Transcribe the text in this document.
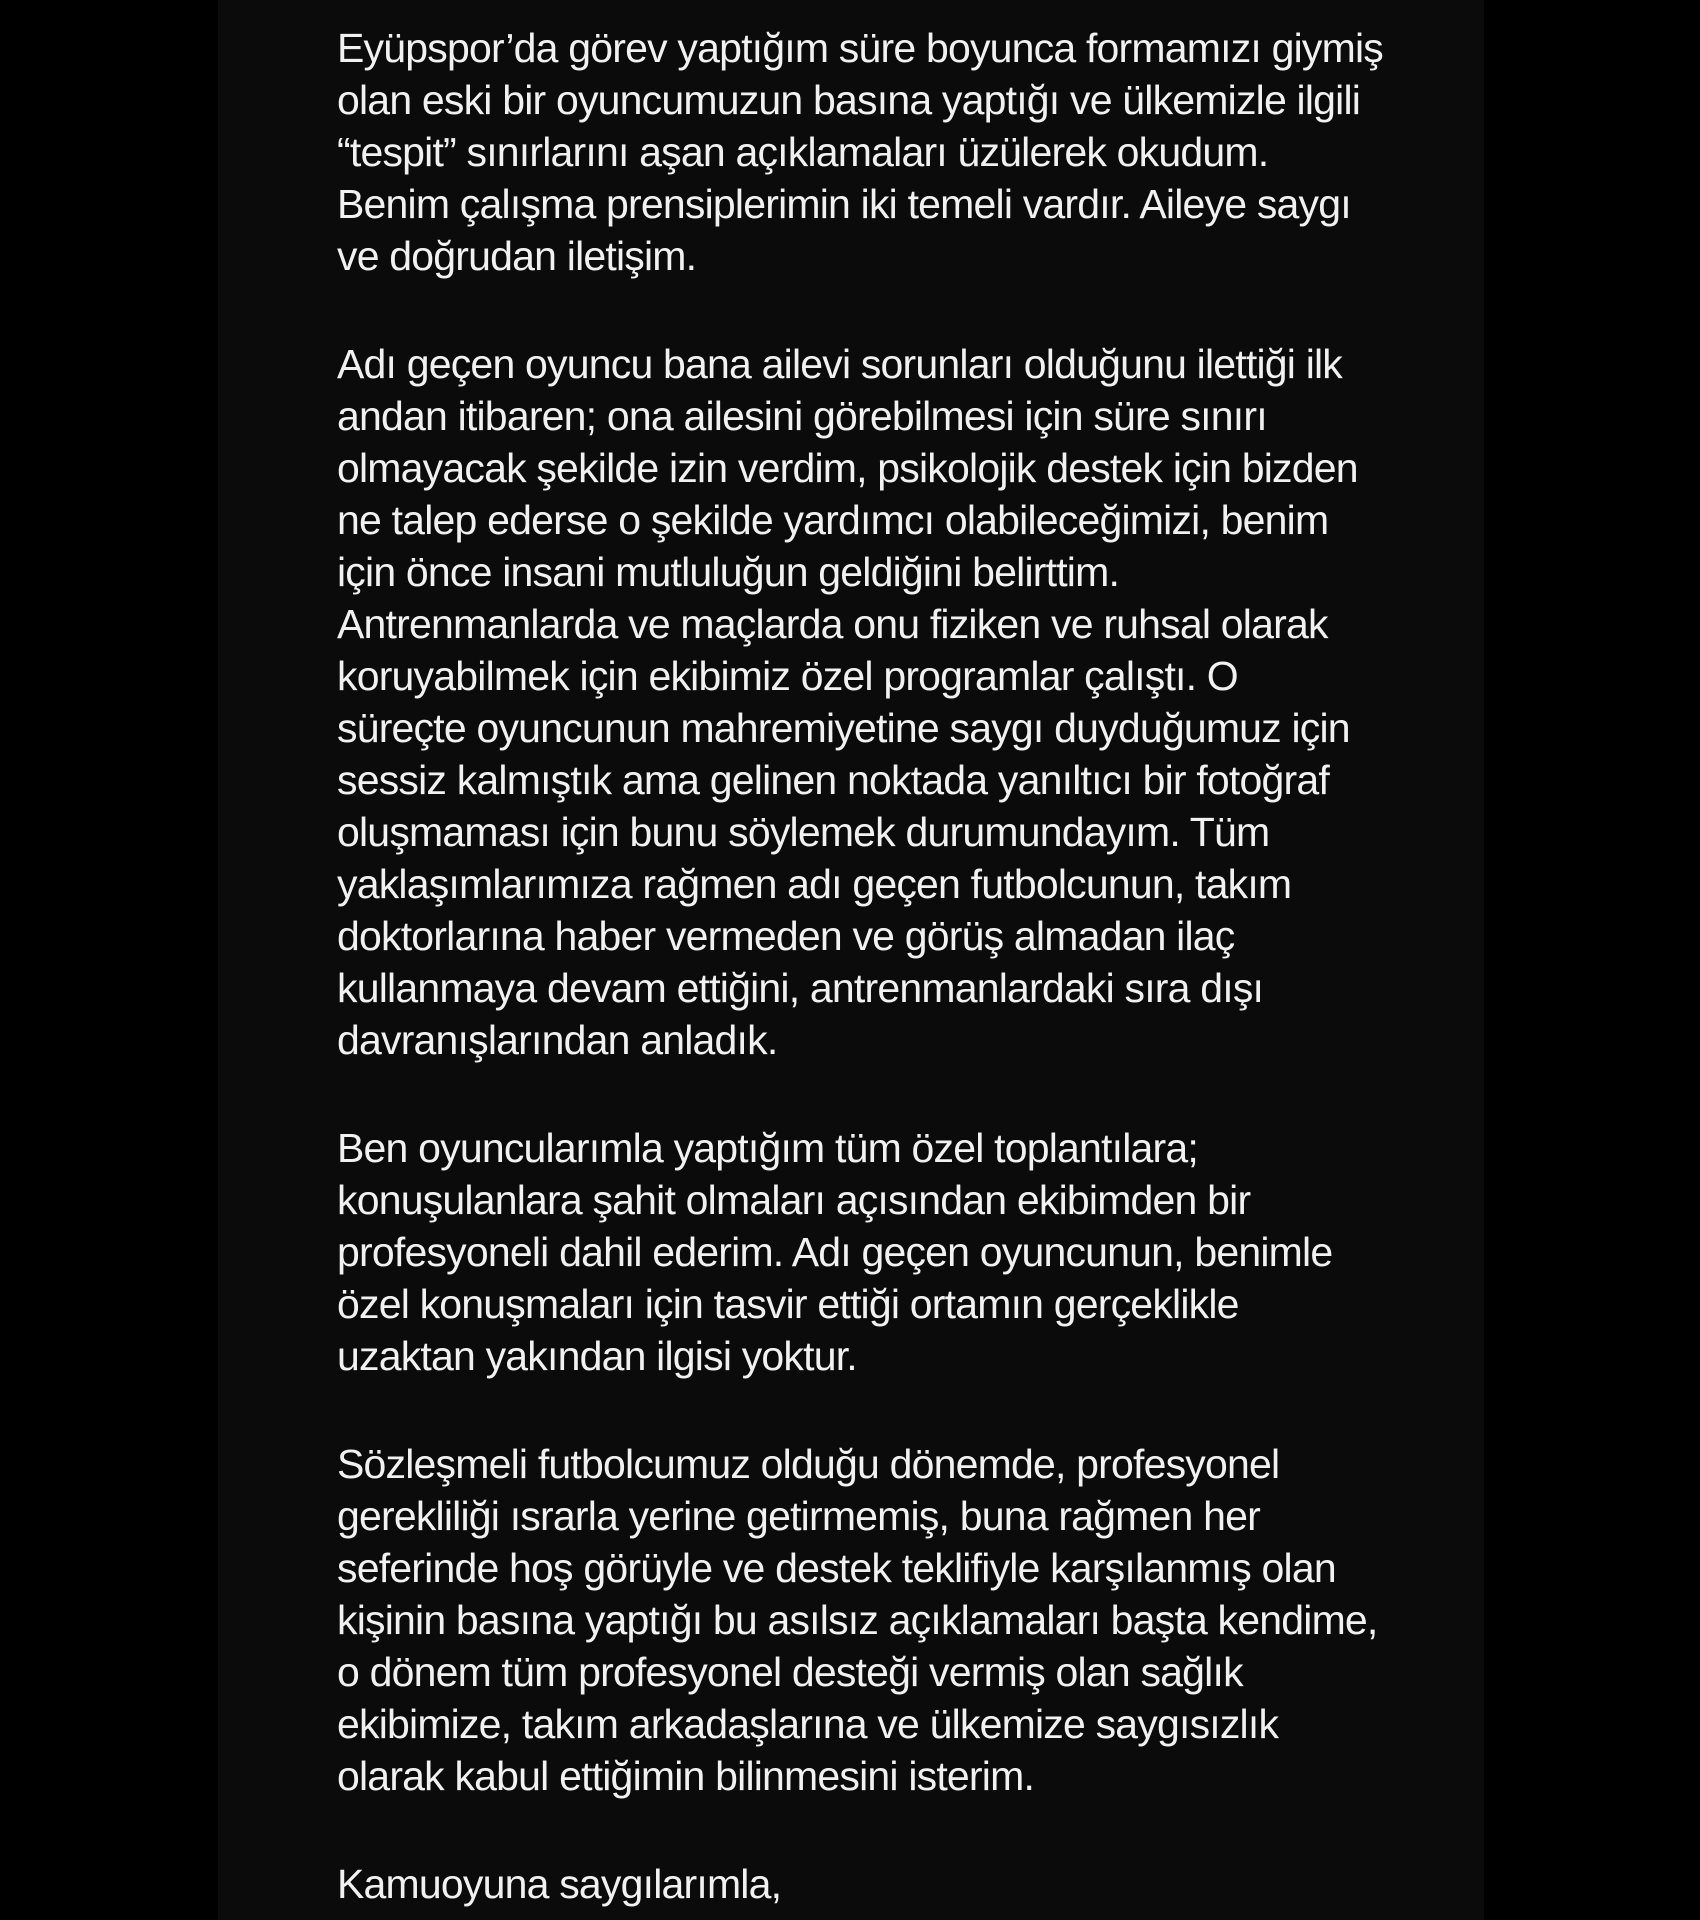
Eyüpspor’da görev yaptığım süre boyunca formamızı giymiş
olan eski bir oyuncumuzun basına yaptığı ve ülkemizle ilgili
“tespit” sınırlarını aşan açıklamaları üzülerek okudum.
Benim çalışma prensiplerimin iki temeli vardır. Aileye saygı
ve doğrudan iletişim.
Adı geçen oyuncu bana ailevi sorunları olduğunu ilettiği ilk
andan itibaren; ona ailesini görebilmesi için süre sınırı
olmayacak şekilde izin verdim, psikolojik destek için bizden
ne talep ederse o şekilde yardımcı olabileceğimizi, benim
için önce insani mutluluğun geldiğini belirttim.
Antrenmanlarda ve maçlarda onu fiziken ve ruhsal olarak
koruyabilmek için ekibimiz özel programlar çalıştı. O
süreçte oyuncunun mahremiyetine saygı duyduğumuz için
sessiz kalmıştık ama gelinen noktada yanıltıcı bir fotoğraf
oluşmaması için bunu söylemek durumundayım. Tüm
yaklaşımlarımıza rağmen adı geçen futbolcunun, takım
doktorlarına haber vermeden ve görüş almadan ilaç
kullanmaya devam ettiğini, antrenmanlardaki sıra dışı
davranışlarından anladık.
Ben oyuncularımla yaptığım tüm özel toplantılara;
konuşulanlara şahit olmaları açısından ekibimden bir
profesyoneli dahil ederim. Adı geçen oyuncunun, benimle
özel konuşmaları için tasvir ettiği ortamın gerçeklikle
uzaktan yakından ilgisi yoktur.
Sözleşmeli futbolcumuz olduğu dönemde, profesyonel
gerekliliği ısrarla yerine getirmemiş, buna rağmen her
seferinde hoş görüyle ve destek teklifiyle karşılanmış olan
kişinin basına yaptığı bu asılsız açıklamaları başta kendime,
o dönem tüm profesyonel desteği vermiş olan sağlık
ekibimize, takım arkadaşlarına ve ülkemize saygısızlık
olarak kabul ettiğimin bilinmesini isterim.
Kamuoyuna saygılarımla,
